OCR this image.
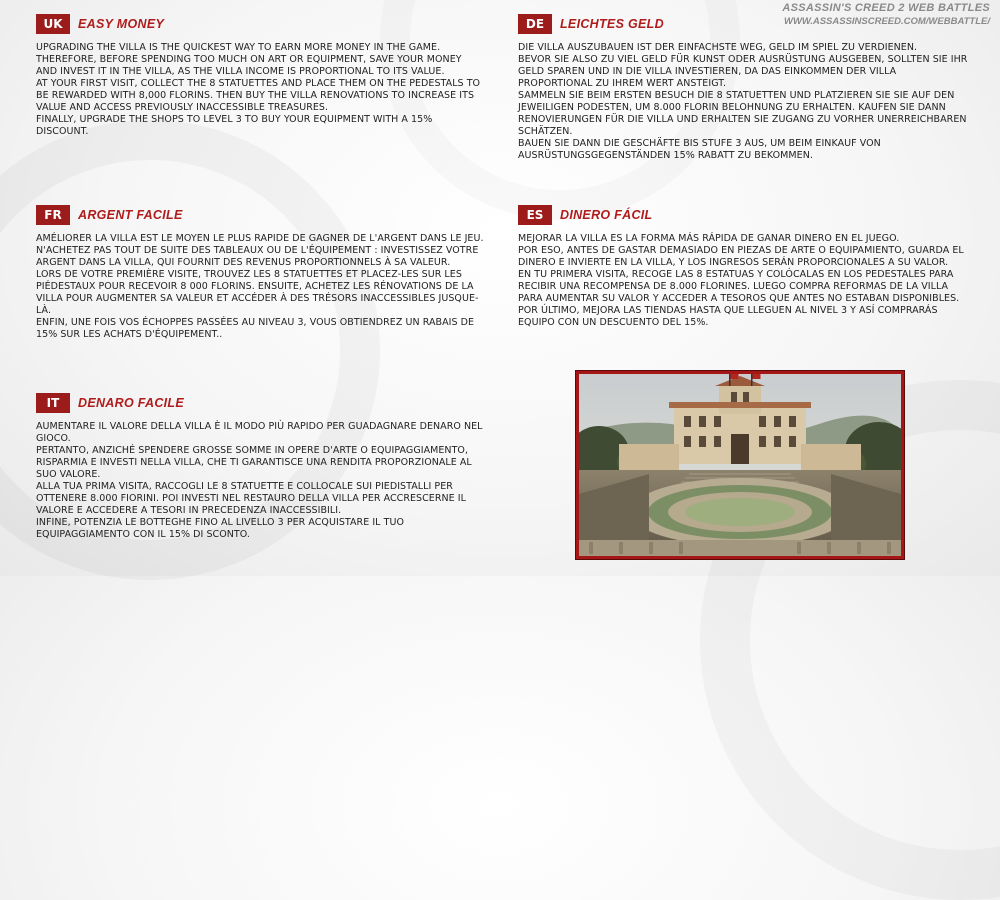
ASSASSIN'S CREED 2 WEB BATTLES
WWW.ASSASSINSCREED.COM/WEBBATTLE/
UK	EASY MONEY

UPGRADING THE VILLA IS THE QUICKEST WAY TO EARN MORE MONEY IN THE GAME.

THEREFORE, BEFORE SPENDING TOO MUCH ON ART OR EQUIPMENT, SAVE YOUR MONEY AND INVEST IT IN THE VILLA, AS THE VILLA INCOME IS PROPORTIONAL TO ITS VALUE.

AT YOUR FIRST VISIT, COLLECT THE 8 STATUETTES AND PLACE THEM ON THE PEDESTALS TO BE REWARDED WITH 8,000 FLORINS. THEN BUY THE VILLA RENOVATIONS TO INCREASE ITS VALUE AND ACCESS PREVIOUSLY INACCESSIBLE TREASURES.

FINALLY, UPGRADE THE SHOPS TO LEVEL 3 TO BUY YOUR EQUIPMENT WITH A 15% DISCOUNT.

DE	LEICHTES GELD

DIE VILLA AUSZUBAUEN IST DER EINFACHSTE WEG, GELD IM SPIEL ZU VERDIENEN.

BEVOR SIE ALSO ZU VIEL GELD FÜR KUNST ODER AUSRÜSTUNG AUSGEBEN, SOLLTEN SIE IHR GELD SPAREN UND IN DIE VILLA INVESTIEREN, DA DAS EINKOMMEN DER VILLA PROPORTIONAL ZU IHREM WERT ANSTEIGT.

SAMMELN SIE BEIM ERSTEN BESUCH DIE 8 STATUETTEN UND PLATZIEREN SIE SIE AUF DEN JEWEILIGEN PODESTEN, UM 8.000 FLORIN BELOHNUNG ZU ERHALTEN. KAUFEN SIE DANN RENOVIERUNGEN FÜR DIE VILLA UND ERHALTEN SIE ZUGANG ZU VORHER UNERREICHBAREN SCHÄTZEN.

BAUEN SIE DANN DIE GESCHÄFTE BIS STUFE 3 AUS, UM BEIM EINKAUF VON AUSRÜSTUNGSGEGENSTÄNDEN 15% RABATT ZU BEKOMMEN.

FR	ARGENT FACILE

AMÉLIORER LA VILLA EST LE MOYEN LE PLUS RAPIDE DE GAGNER DE L'ARGENT DANS LE JEU.

N'ACHETEZ PAS TOUT DE SUITE DES TABLEAUX OU DE L'ÉQUIPEMENT : INVESTISSEZ VOTRE ARGENT DANS LA VILLA, QUI FOURNIT DES REVENUS PROPORTIONNELS À SA VALEUR.

LORS DE VOTRE PREMIÈRE VISITE, TROUVEZ LES 8 STATUETTES ET PLACEZ-LES SUR LES PIÉDESTAUX POUR RECEVOIR 8 000 FLORINS. ENSUITE, ACHETEZ LES RÉNOVATIONS DE LA VILLA POUR AUGMENTER SA VALEUR ET ACCÉDER À DES TRÉSORS INACCESSIBLES JUSQUE-LÀ.

ENFIN, UNE FOIS VOS ÉCHOPPES PASSÉES AU NIVEAU 3, VOUS OBTIENDREZ UN RABAIS DE 15% SUR LES ACHATS D'ÉQUIPEMENT..

ES	DINERO FÁCIL

MEJORAR LA VILLA ES LA FORMA MÁS RÁPIDA DE GANAR DINERO EN EL JUEGO.

POR ESO, ANTES DE GASTAR DEMASIADO EN PIEZAS DE ARTE O EQUIPAMIENTO, GUARDA EL DINERO E INVIERTE EN LA VILLA, Y LOS INGRESOS SERÁN PROPORCIONALES A SU VALOR.

EN TU PRIMERA VISITA, RECOGE LAS 8 ESTATUAS Y COLÓCALAS EN LOS PEDESTALES PARA RECIBIR UNA RECOMPENSA DE 8.000 FLORINES. LUEGO COMPRA REFORMAS DE LA VILLA PARA AUMENTAR SU VALOR Y ACCEDER A TESOROS QUE ANTES NO ESTABAN DISPONIBLES.

POR ÚLTIMO, MEJORA LAS TIENDAS HASTA QUE LLEGUEN AL NIVEL 3 Y ASÍ COMPRARÁS EQUIPO CON UN DESCUENTO DEL 15%.

IT	DENARO FACILE

AUMENTARE IL VALORE DELLA VILLA È IL MODO PIÙ RAPIDO PER GUADAGNARE DENARO NEL GIOCO.

PERTANTO, ANZICHÉ SPENDERE GROSSE SOMME IN OPERE D'ARTE O EQUIPAGGIAMENTO, RISPARMIA E INVESTI NELLA VILLA, CHE TI GARANTISCE UNA RENDITA PROPORZIONALE AL SUO VALORE.

ALLA TUA PRIMA VISITA, RACCOGLI LE 8 STATUETTE E COLLOCALE SUI PIEDISTALLI PER OTTENERE 8.000 FIORINI. POI INVESTI NEL RESTAURO DELLA VILLA PER ACCRESCERNE IL VALORE E ACCEDERE A TESORI IN PRECEDENZA INACCESSIBILI.

INFINE, POTENZIA LE BOTTEGHE FINO AL LIVELLO 3 PER ACQUISTARE IL TUO EQUIPAGGIAMENTO CON IL 15% DI SCONTO.
